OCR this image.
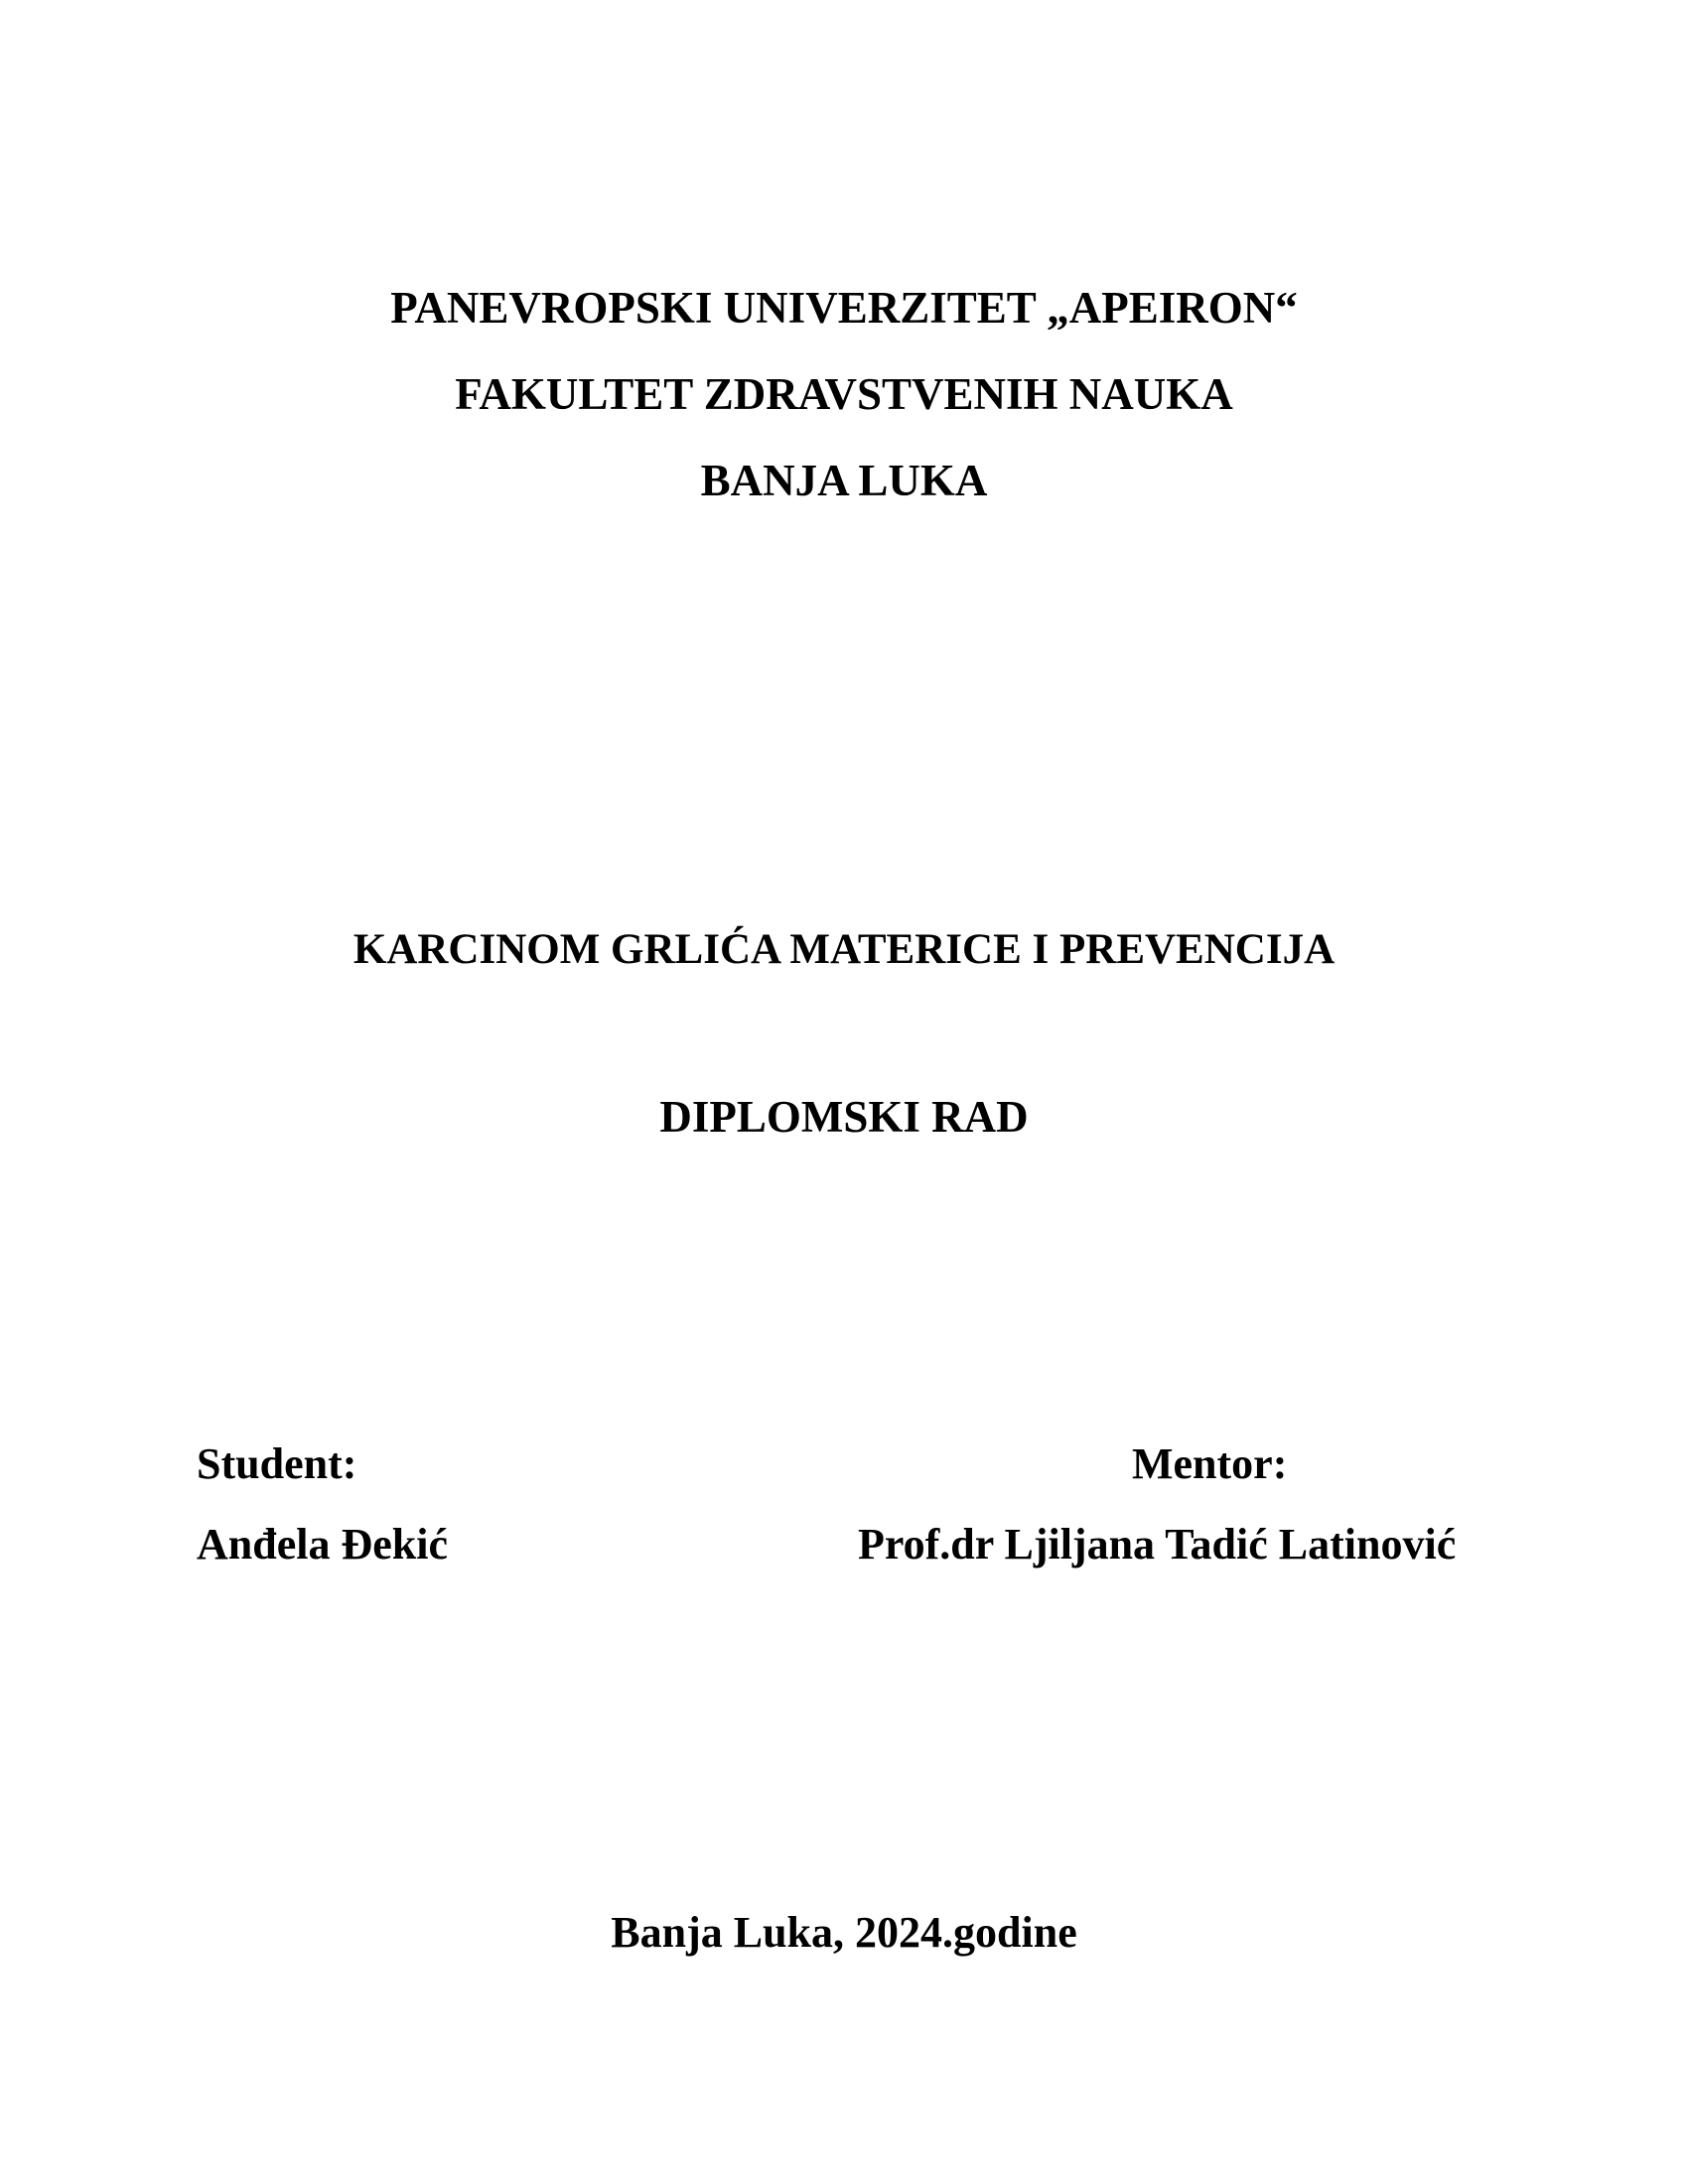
PANEVROPSKI UNIVERZITET „APEIRON“

FAKULTET ZDRAVSTVENIH NAUKA

BANJA LUKA

KARCINOM GRLIĆA MATERICE I PREVENCIJA

DIPLOMSKI RAD

Student:

Anđela Đekić

Mentor:

Prof.dr Ljiljana Tadić Latinović

Banja Luka, 2024.godine
